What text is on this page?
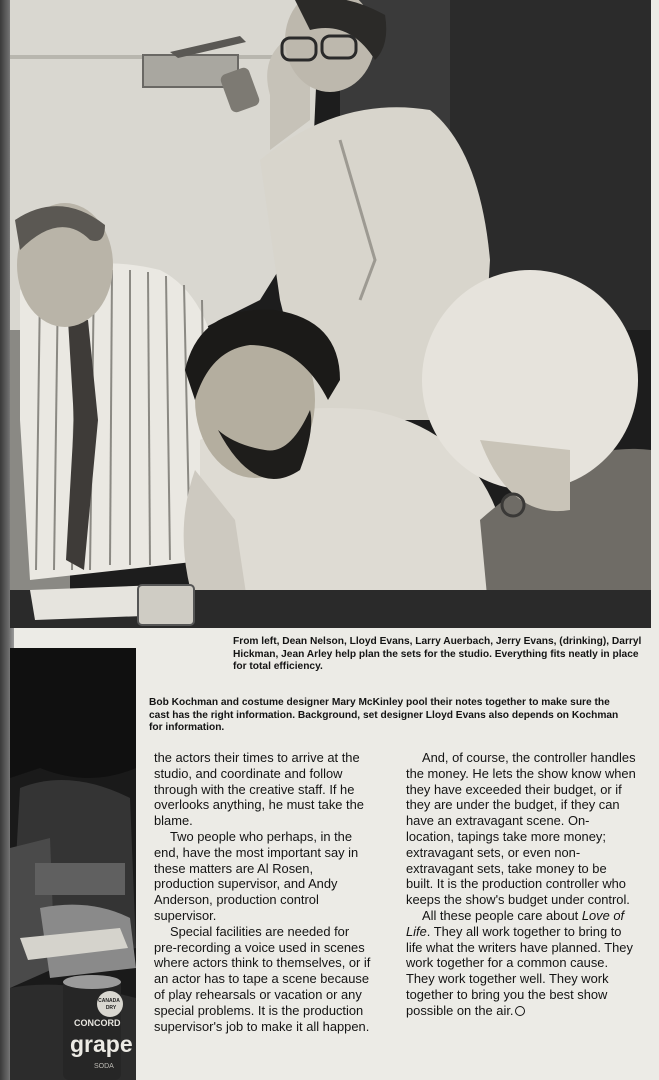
From left, Dean Nelson, Lloyd Evans, Larry Auerbach, Jerry Evans, (drinking), Darryl Hickman, Jean Arley help plan the sets for the studio. Everything fits neatly in place for total efficiency.

CANADA
DRY
CONCORD
grape
SODA

Bob Kochman and costume designer Mary McKinley pool their notes together to make sure the cast has the right information. Background, set designer Lloyd Evans also depends on Kochman for information.

the actors their times to arrive at the studio, and coordinate and follow through with the creative staff. If he overlooks anything, he must take the blame.

Two people who perhaps, in the end, have the most important say in these matters are Al Rosen, production supervisor, and Andy Anderson, production control supervisor.

Special facilities are needed for pre-recording a voice used in scenes where actors think to themselves, or if an actor has to tape a scene because of play rehearsals or vacation or any special problems. It is the production supervisor's job to make it all happen.

And, of course, the controller handles the money. He lets the show know when they have exceeded their budget, or if they are under the budget, if they can have an extravagant scene. On-location, tapings take more money; extravagant sets, or even non-extravagant sets, take money to be built. It is the production controller who keeps the show's budget under control.

All these people care about Love of Life. They all work together to bring to life what the writers have planned. They work together for a common cause. They work together well. They work together to bring you the best show possible on the air.
